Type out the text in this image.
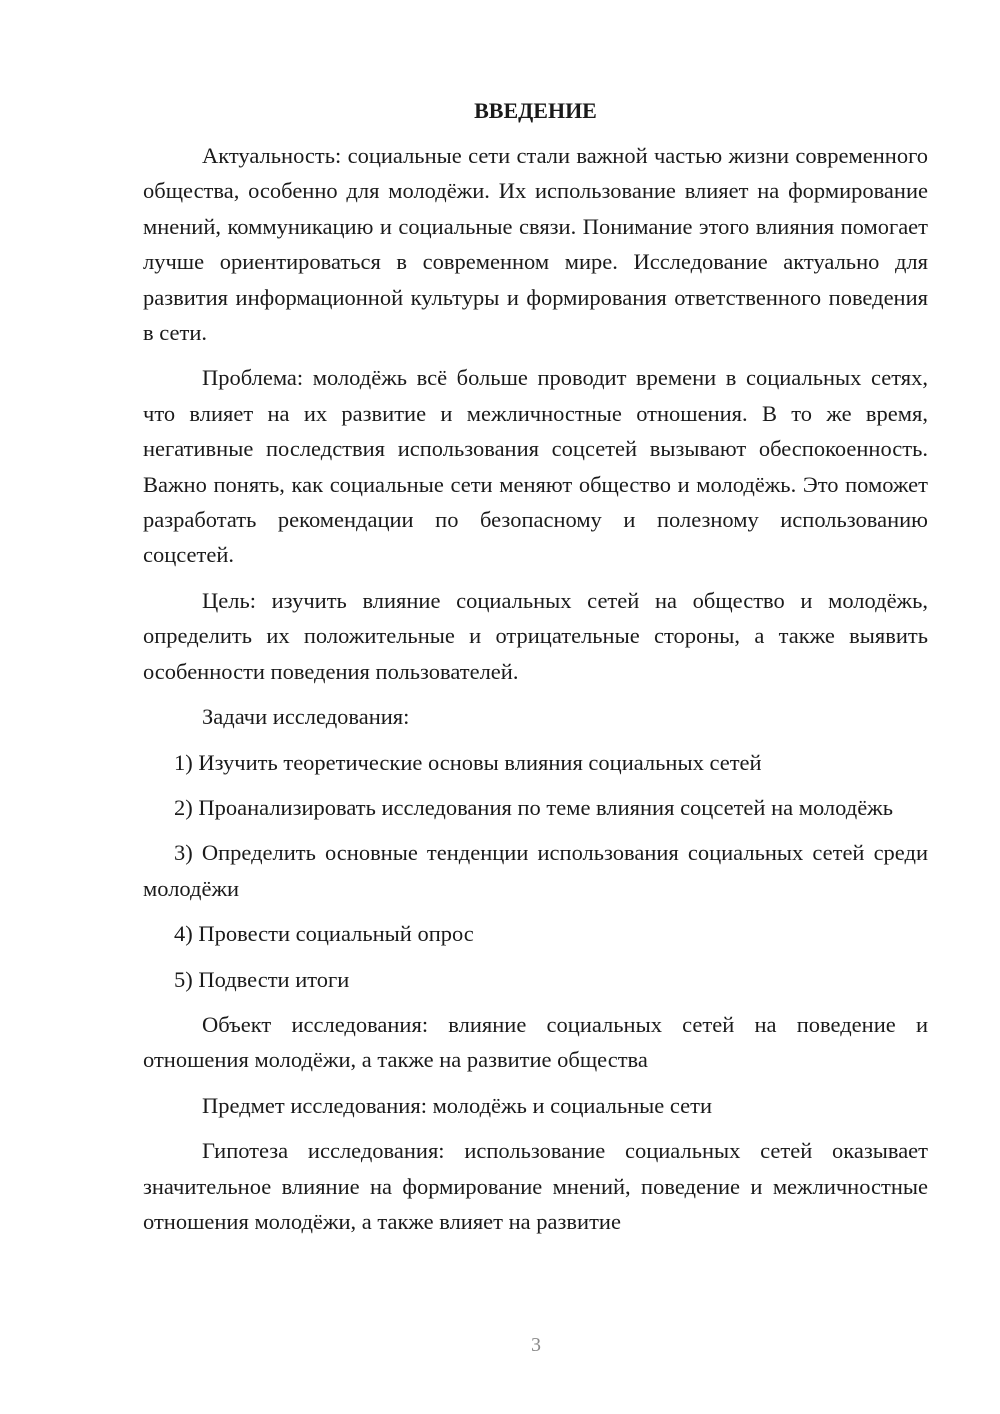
ВВЕДЕНИЕ

Актуальность: социальные сети стали важной частью жизни современного общества, особенно для молодёжи. Их использование влияет на формирование мнений, коммуникацию и социальные связи. Понимание этого влияния помогает лучше ориентироваться в современном мире. Исследование актуально для развития информационной культуры и формирования ответственного поведения в сети.

Проблема: молодёжь всё больше проводит времени в социальных сетях, что влияет на их развитие и межличностные отношения. В то же время, негативные последствия использования соцсетей вызывают обеспокоенность. Важно понять, как социальные сети меняют общество и молодёжь. Это поможет разработать рекомендации по безопасному и полезному использованию соцсетей.

Цель: изучить влияние социальных сетей на общество и молодёжь, определить их положительные и отрицательные стороны, а также выявить особенности поведения пользователей.

Задачи исследования:

1) Изучить теоретические основы влияния социальных сетей

2) Проанализировать исследования по теме влияния соцсетей на молодёжь

3) Определить основные тенденции использования социальных сетей среди молодёжи

4) Провести социальный опрос

5) Подвести итоги

Объект исследования: влияние социальных сетей на поведение и отношения молодёжи, а также на развитие общества

Предмет исследования: молодёжь и социальные сети

Гипотеза исследования: использование социальных сетей оказывает значительное влияние на формирование мнений, поведение и межличностные отношения молодёжи, а также влияет на развитие

3
